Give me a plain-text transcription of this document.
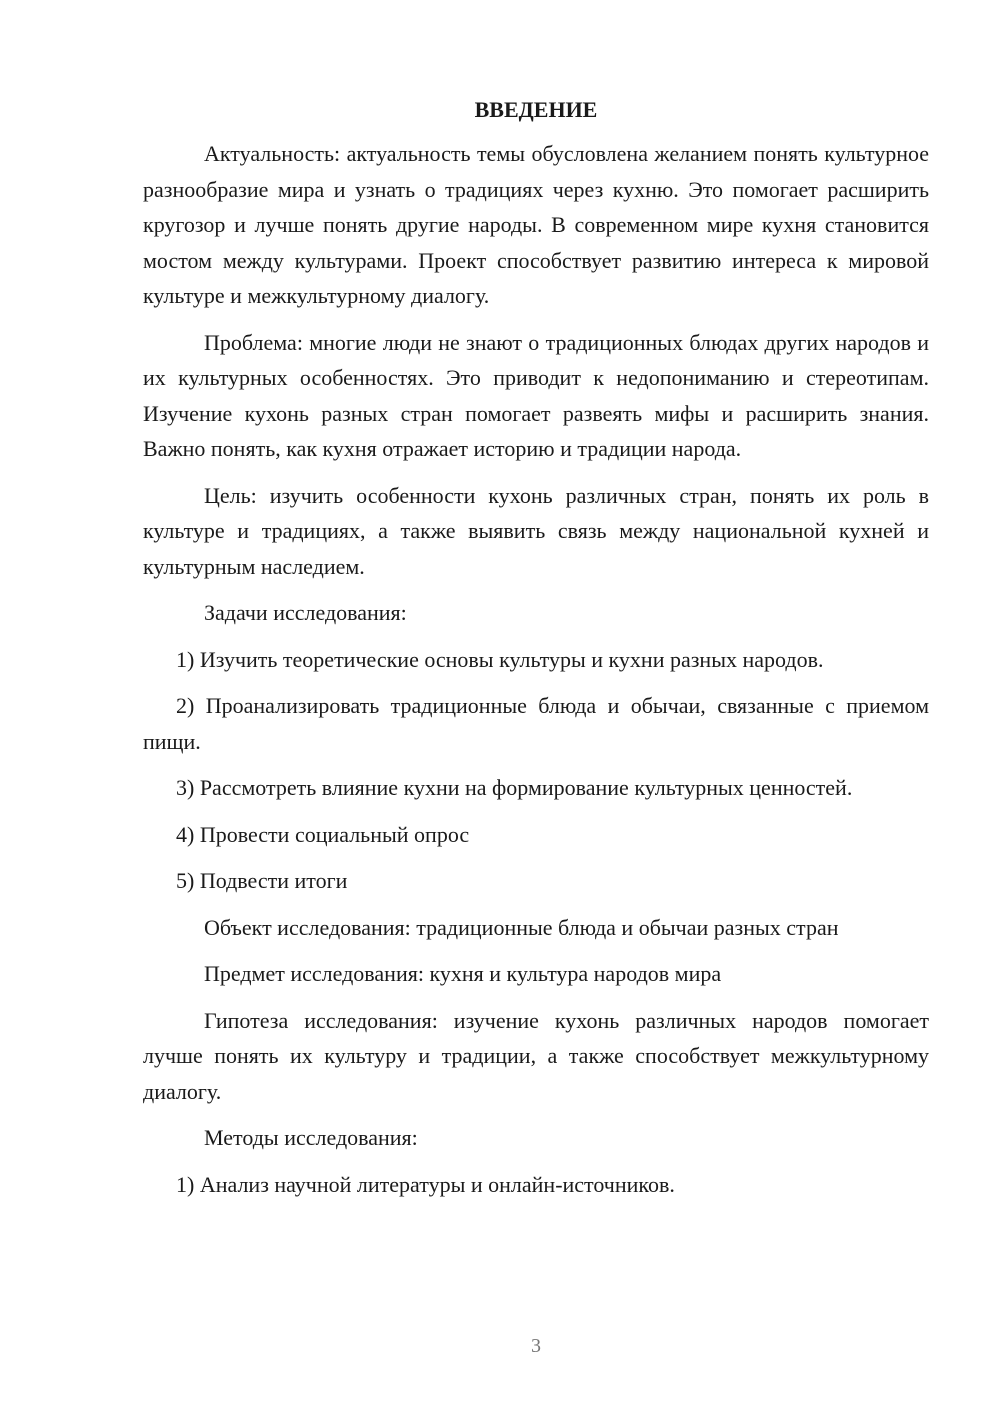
ВВЕДЕНИЕ

Актуальность: актуальность темы обусловлена желанием понять культурное разнообразие мира и узнать о традициях через кухню. Это помогает расширить кругозор и лучше понять другие народы. В современном мире кухня становится мостом между культурами. Проект способствует развитию интереса к мировой культуре и межкультурному диалогу.

Проблема: многие люди не знают о традиционных блюдах других народов и их культурных особенностях. Это приводит к недопониманию и стереотипам. Изучение кухонь разных стран помогает развеять мифы и расширить знания. Важно понять, как кухня отражает историю и традиции народа.

Цель: изучить особенности кухонь различных стран, понять их роль в культуре и традициях, а также выявить связь между национальной кухней и культурным наследием.

Задачи исследования:

1) Изучить теоретические основы культуры и кухни разных народов.

2) Проанализировать традиционные блюда и обычаи, связанные с приемом пищи.

3) Рассмотреть влияние кухни на формирование культурных ценностей.

4) Провести социальный опрос

5) Подвести итоги

Объект исследования: традиционные блюда и обычаи разных стран

Предмет исследования: кухня и культура народов мира

Гипотеза исследования: изучение кухонь различных народов помогает лучше понять их культуру и традиции, а также способствует межкультурному диалогу.

Методы исследования:

1) Анализ научной литературы и онлайн-источников.

3
